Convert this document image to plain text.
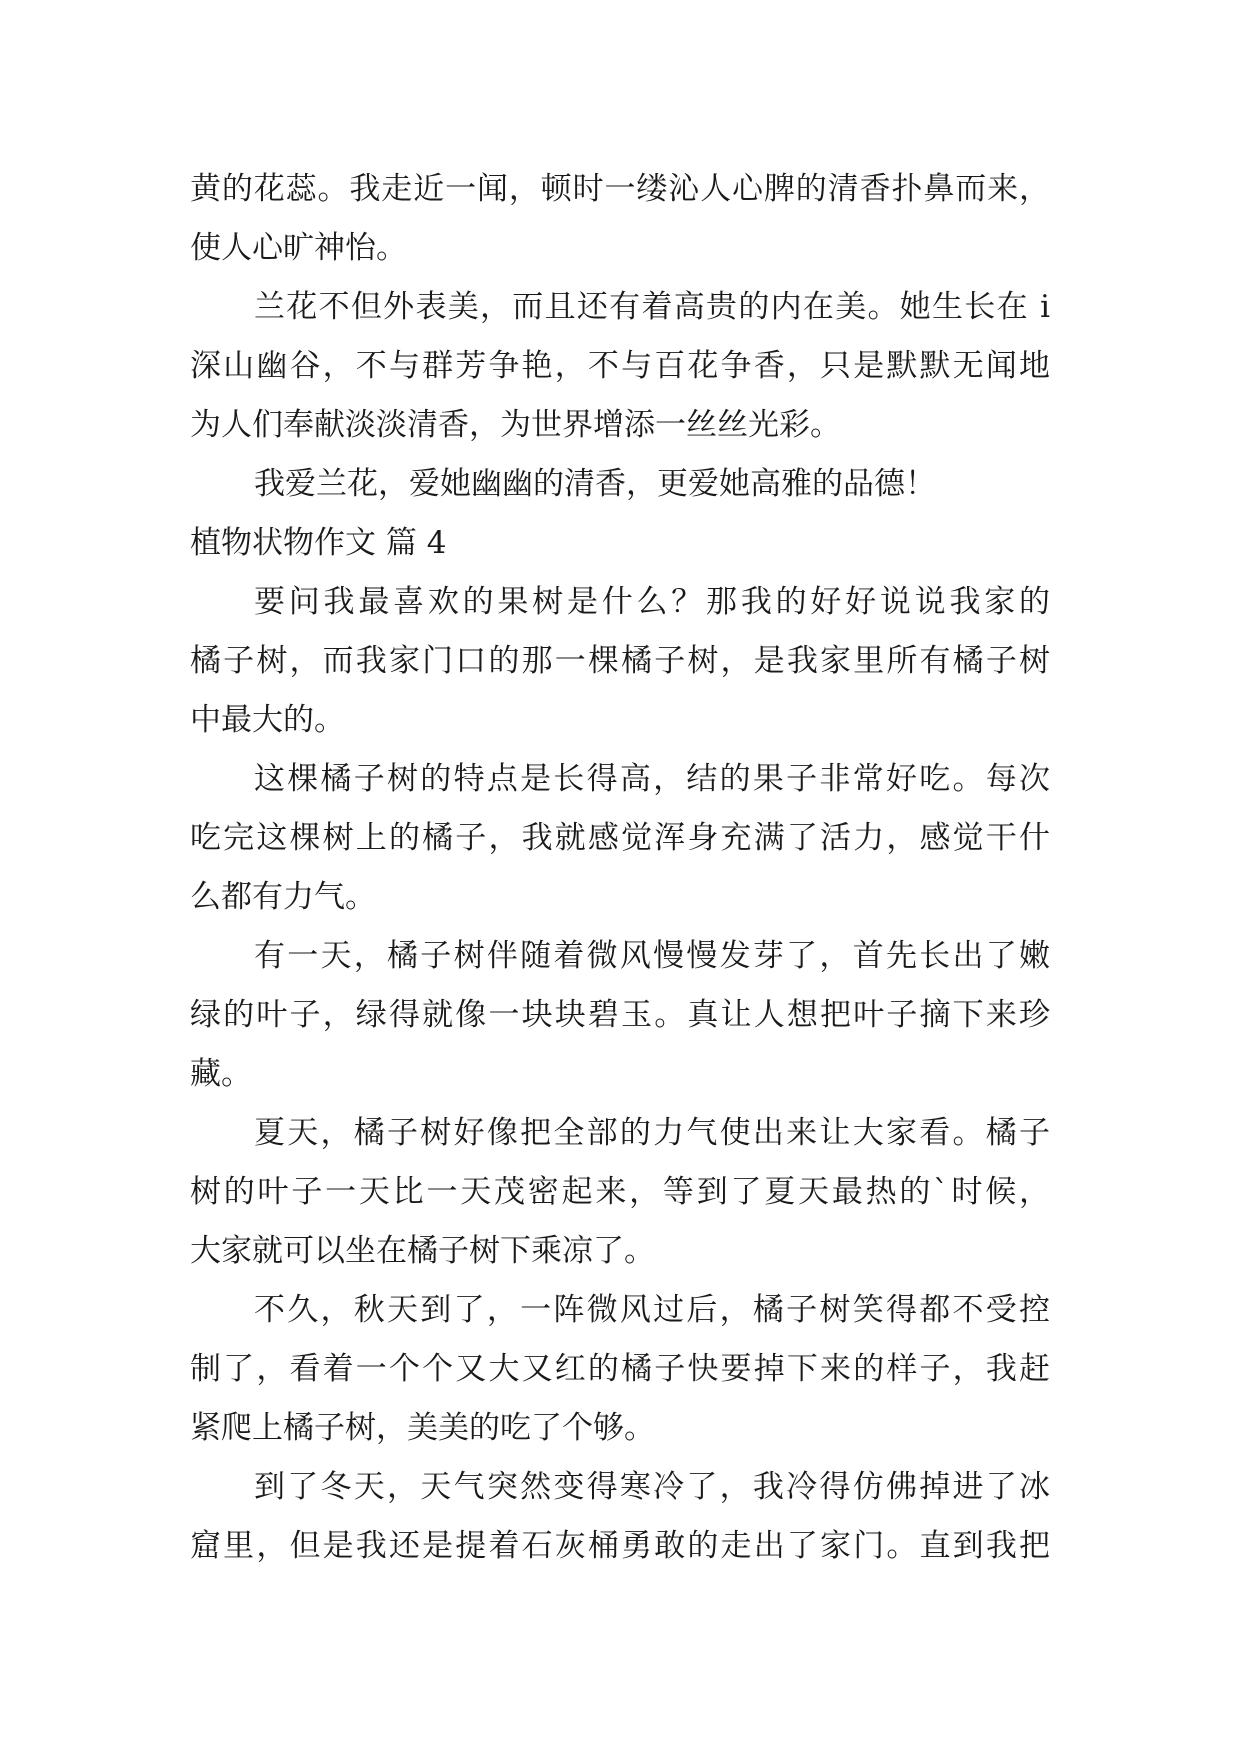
黄的花蕊。我走近一闻，顿时一缕沁人心脾的清香扑鼻而来，
使人心旷神怡。
兰花不但外表美，而且还有着高贵的内在美。她生长在 i
深山幽谷，不与群芳争艳，不与百花争香，只是默默无闻地
为人们奉献淡淡清香，为世界增添一丝丝光彩。
我爱兰花，爱她幽幽的清香，更爱她高雅的品德！
植物状物作文 篇 4
要问我最喜欢的果树是什么？那我的好好说说我家的
橘子树，而我家门口的那一棵橘子树，是我家里所有橘子树
中最大的。
这棵橘子树的特点是长得高，结的果子非常好吃。每次
吃完这棵树上的橘子，我就感觉浑身充满了活力，感觉干什
么都有力气。
有一天，橘子树伴随着微风慢慢发芽了，首先长出了嫩
绿的叶子，绿得就像一块块碧玉。真让人想把叶子摘下来珍
藏。
夏天，橘子树好像把全部的力气使出来让大家看。橘子
树的叶子一天比一天茂密起来，等到了夏天最热的`时候，
大家就可以坐在橘子树下乘凉了。
不久，秋天到了，一阵微风过后，橘子树笑得都不受控
制了，看着一个个又大又红的橘子快要掉下来的样子，我赶
紧爬上橘子树，美美的吃了个够。
到了冬天，天气突然变得寒冷了，我冷得仿佛掉进了冰
窟里，但是我还是提着石灰桶勇敢的走出了家门。直到我把
